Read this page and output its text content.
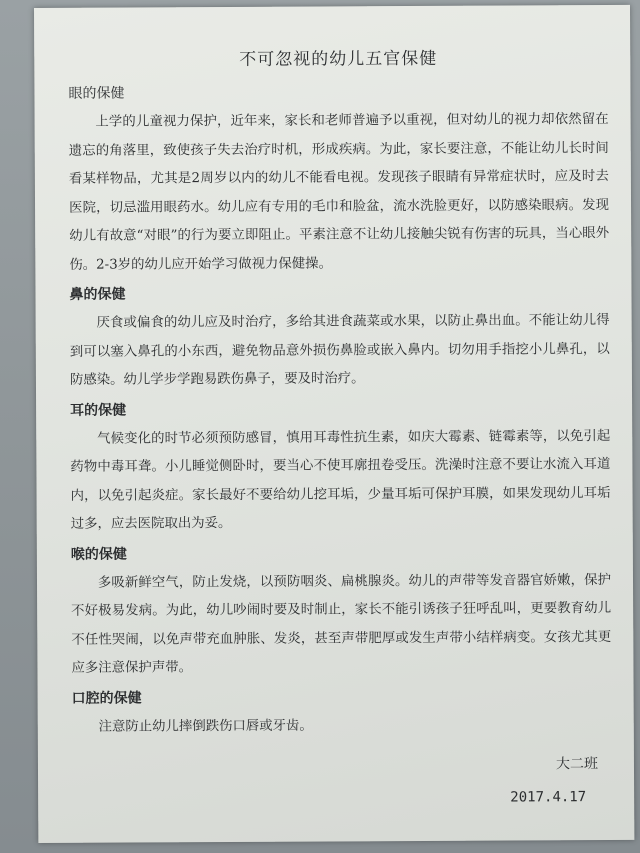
不可忽视的幼儿五官保健
眼的保健

上学的儿童视力保护，近年来，家长和老师普遍予以重视，但对幼儿的视力却依然留在遗忘的角落里，致使孩子失去治疗时机，形成疾病。为此，家长要注意，不能让幼儿长时间看某样物品，尤其是2周岁以内的幼儿不能看电视。发现孩子眼睛有异常症状时，应及时去医院，切忌滥用眼药水。幼儿应有专用的毛巾和脸盆，流水洗脸更好，以防感染眼病。发现幼儿有故意“对眼”的行为要立即阻止。平素注意不让幼儿接触尖锐有伤害的玩具，当心眼外伤。2-3岁的幼儿应开始学习做视力保健操。

鼻的保健

厌食或偏食的幼儿应及时治疗，多给其进食蔬菜或水果，以防止鼻出血。不能让幼儿得到可以塞入鼻孔的小东西，避免物品意外损伤鼻脸或嵌入鼻内。切勿用手指挖小儿鼻孔，以防感染。幼儿学步学跑易跌伤鼻子，要及时治疗。

耳的保健

气候变化的时节必须预防感冒，慎用耳毒性抗生素，如庆大霉素、链霉素等，以免引起药物中毒耳聋。小儿睡觉侧卧时，要当心不使耳廓扭卷受压。洗澡时注意不要让水流入耳道内，以免引起炎症。家长最好不要给幼儿挖耳垢，少量耳垢可保护耳膜，如果发现幼儿耳垢过多，应去医院取出为妥。

喉的保健

多吸新鲜空气，防止发烧，以预防咽炎、扁桃腺炎。幼儿的声带等发音器官娇嫩，保护不好极易发病。为此，幼儿吵闹时要及时制止，家长不能引诱孩子狂呼乱叫，更要教育幼儿不任性哭闹，以免声带充血肿胀、发炎，甚至声带肥厚或发生声带小结样病变。女孩尤其更应多注意保护声带。

口腔的保健

注意防止幼儿摔倒跌伤口唇或牙齿。

大二班
2017.4.17
